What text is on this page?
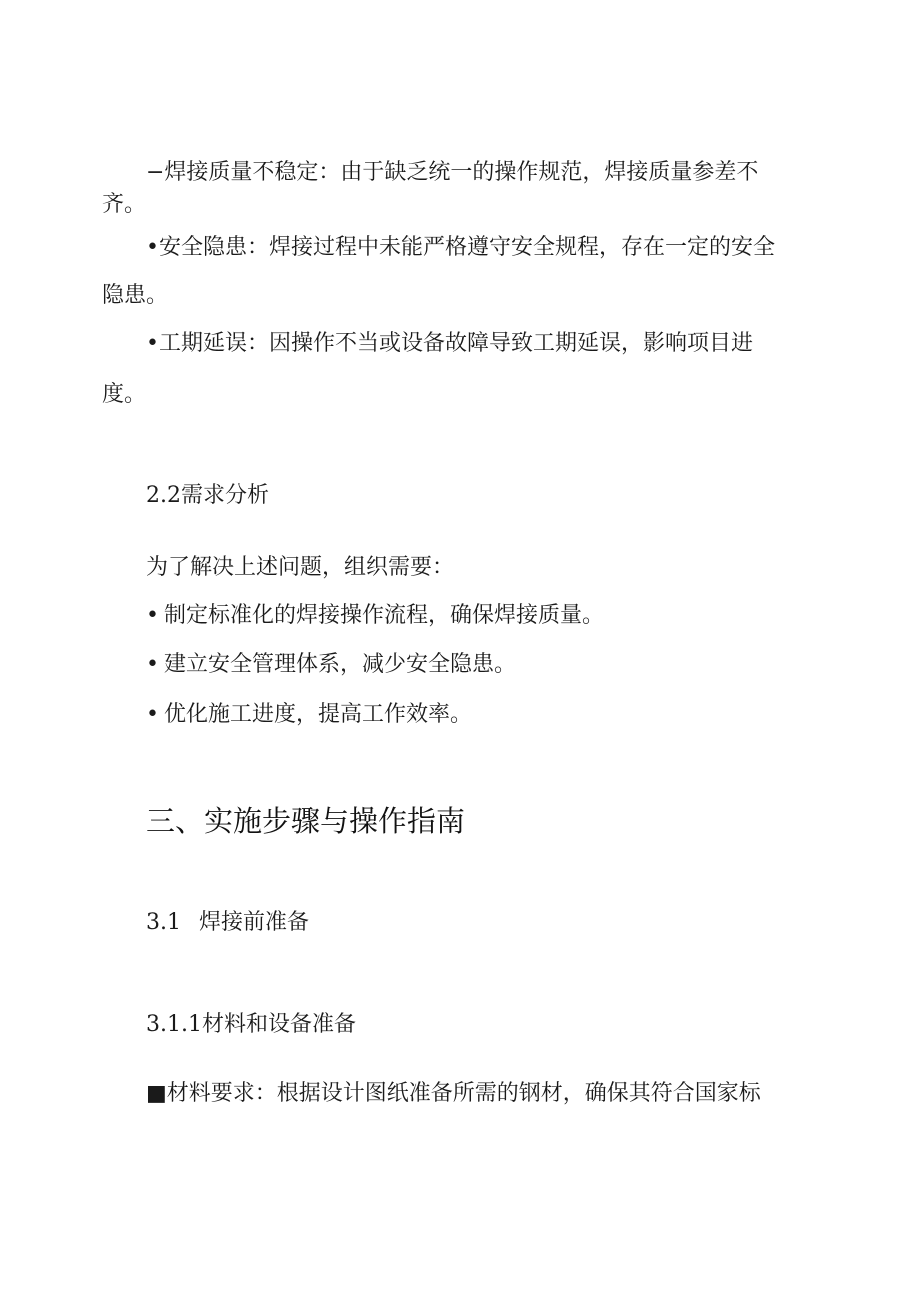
−焊接质量不稳定：由于缺乏统一的操作规范，焊接质量参差不
齐。
•安全隐患：焊接过程中未能严格遵守安全规程，存在一定的安全
隐患。
•工期延误：因操作不当或设备故障导致工期延误，影响项目进
度。
2.2需求分析
为了解决上述问题，组织需要：
• 制定标准化的焊接操作流程，确保焊接质量。
• 建立安全管理体系，减少安全隐患。
• 优化施工进度，提高工作效率。
三、实施步骤与操作指南
3.1 焊接前准备
3.1.1材料和设备准备
■材料要求：根据设计图纸准备所需的钢材，确保其符合国家标
